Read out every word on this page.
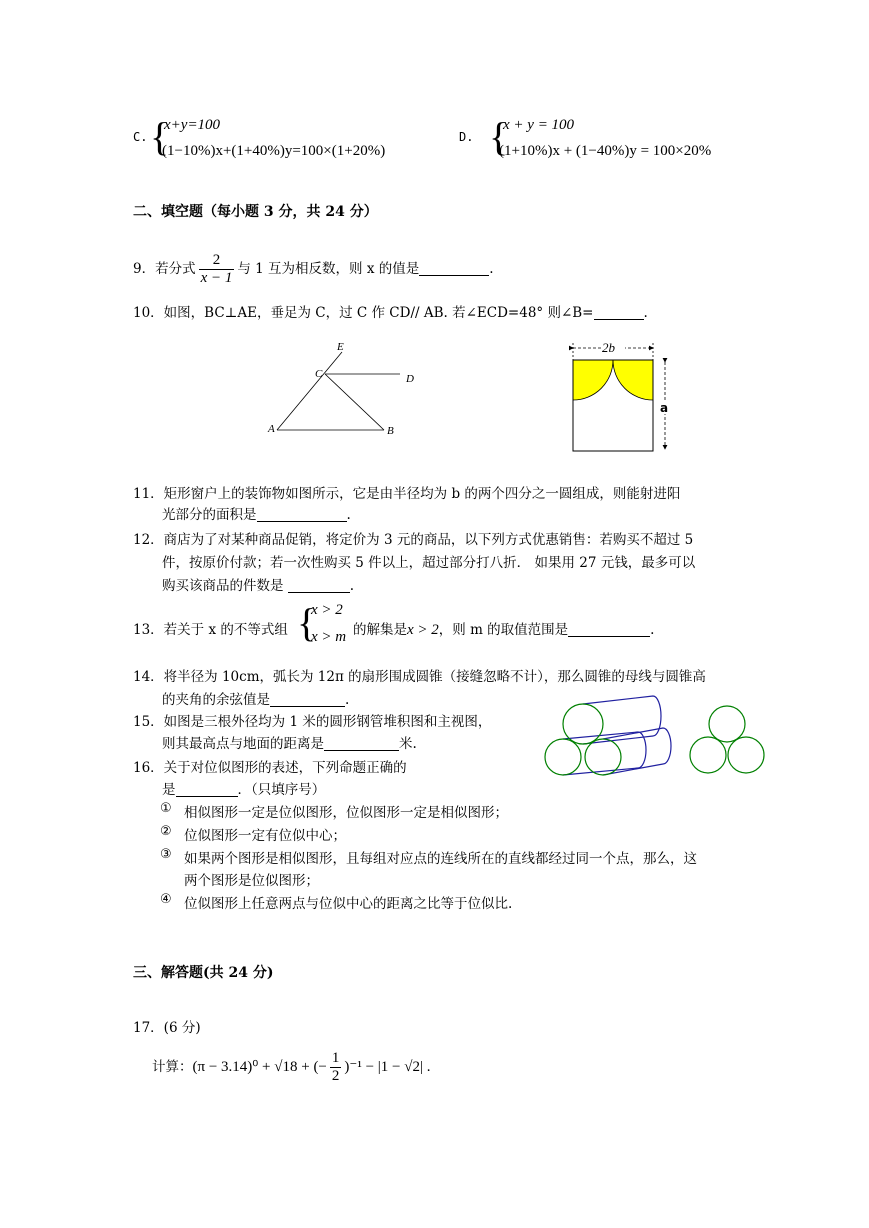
C. {
x+y=100
(1−10%)x+(1+40%)y=100×(1+20%)
D. {
x + y = 100
(1+10%)x + (1−40%)y = 100×20%
二、填空题（每小题 3 分，共 24 分）
9．若分式 $\frac{2}{x - 1}$ 与 1 互为相反数，则 x 的值是	.
10．如图，BC⊥AE，垂足为 C，过 C 作 CD// AB. 若∠ECD=48° 则∠B=	.
E
C	D
A	B
2b
a
11．矩形窗户上的装饰物如图所示，它是由半径均为 b 的两个四分之一圆组成，则能射进阳
光部分的面积是	.
12．商店为了对某种商品促销，将定价为 3 元的商品，以下列方式优惠销售：若购买不超过 5
件，按原价付款；若一次性购买 5 件以上，超过部分打八折． 如果用 27 元钱，最多可以
购买该商品的件数是	.
13．若关于 x 的不等式组 {
x > 2
x > m 的解集是x > 2，则 m 的取值范围是	.
14．将半径为 10cm，弧长为 12π 的扇形围成圆锥（接缝忽略不计），那么圆锥的母线与圆锥高
的夹角的余弦值是	.
15．如图是三根外径均为 1 米的圆形钢管堆积图和主视图，
则其最高点与地面的距离是	米.
16．关于对位似图形的表述，下列命题正确的
是	．（只填序号）
① 相似图形一定是位似图形，位似图形一定是相似图形；
② 位似图形一定有位似中心；
③ 如果两个图形是相似图形，且每组对应点的连线所在的直线都经过同一个点，那么，这
两个图形是位似图形；
④ 位似图形上任意两点与位似中心的距离之比等于位似比.
三、解答题(共 24 分)
17．(6 分)
计算：(π − 3.14)⁰ + √18 + (− $\frac{1}{2} )^{-1} - |1 - √2|$ .
